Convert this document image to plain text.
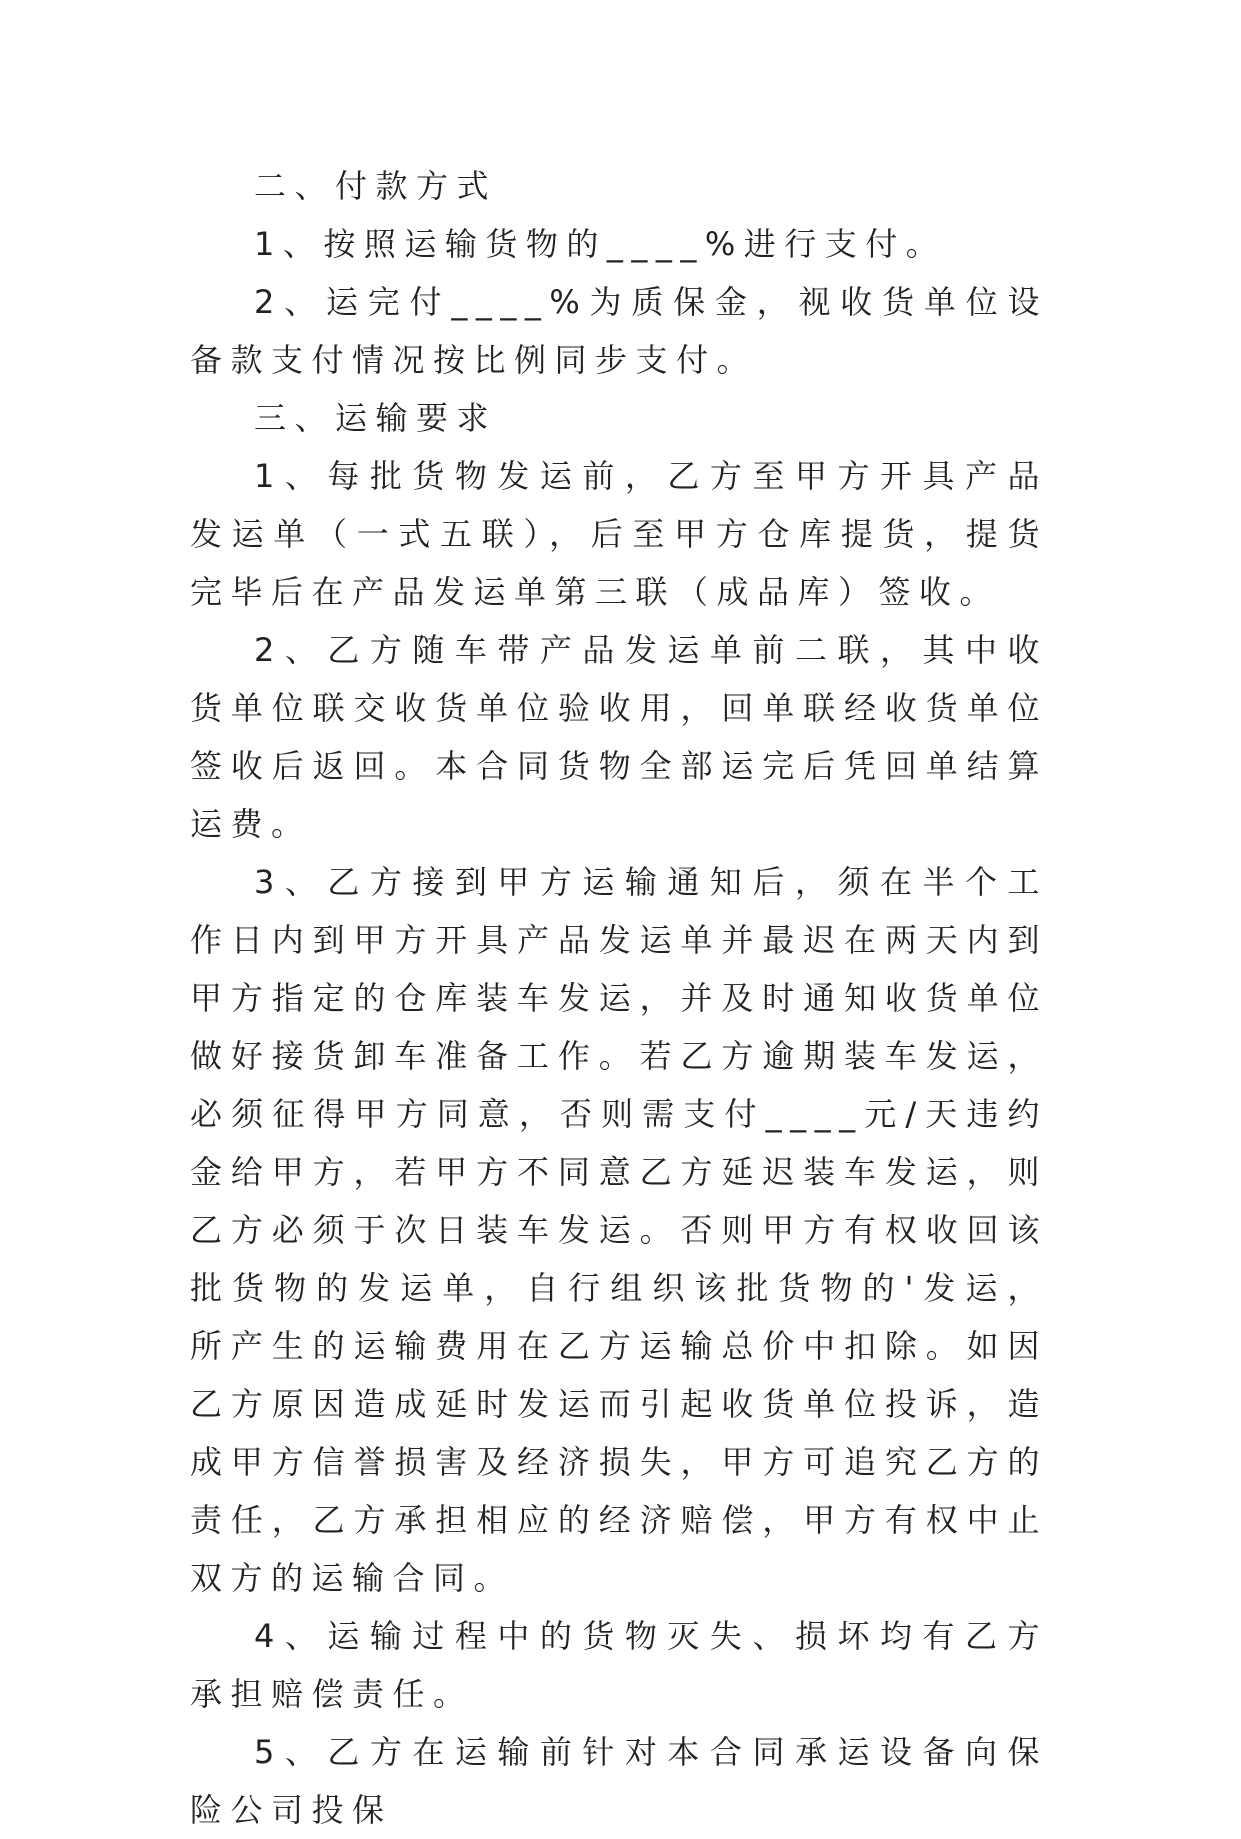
二、付款方式

1、按照运输货物的____%进行支付。

2、运完付____%为质保金，视收货单位设备款支付情况按比例同步支付。

三、运输要求

1、每批货物发运前，乙方至甲方开具产品发运单（一式五联），后至甲方仓库提货，提货完毕后在产品发运单第三联（成品库）签收。

2、乙方随车带产品发运单前二联，其中收货单位联交收货单位验收用，回单联经收货单位签收后返回。本合同货物全部运完后凭回单结算运费。

3、乙方接到甲方运输通知后，须在半个工作日内到甲方开具产品发运单并最迟在两天内到甲方指定的仓库装车发运，并及时通知收货单位做好接货卸车准备工作。若乙方逾期装车发运，必须征得甲方同意，否则需支付____元/天违约金给甲方，若甲方不同意乙方延迟装车发运，则乙方必须于次日装车发运。否则甲方有权收回该批货物的发运单，自行组织该批货物的'发运，所产生的运输费用在乙方运输总价中扣除。如因乙方原因造成延时发运而引起收货单位投诉，造成甲方信誉损害及经济损失，甲方可追究乙方的责任，乙方承担相应的经济赔偿，甲方有权中止双方的运输合同。

4、运输过程中的货物灭失、损坏均有乙方承担赔偿责任。

5、乙方在运输前针对本合同承运设备向保险公司投保
